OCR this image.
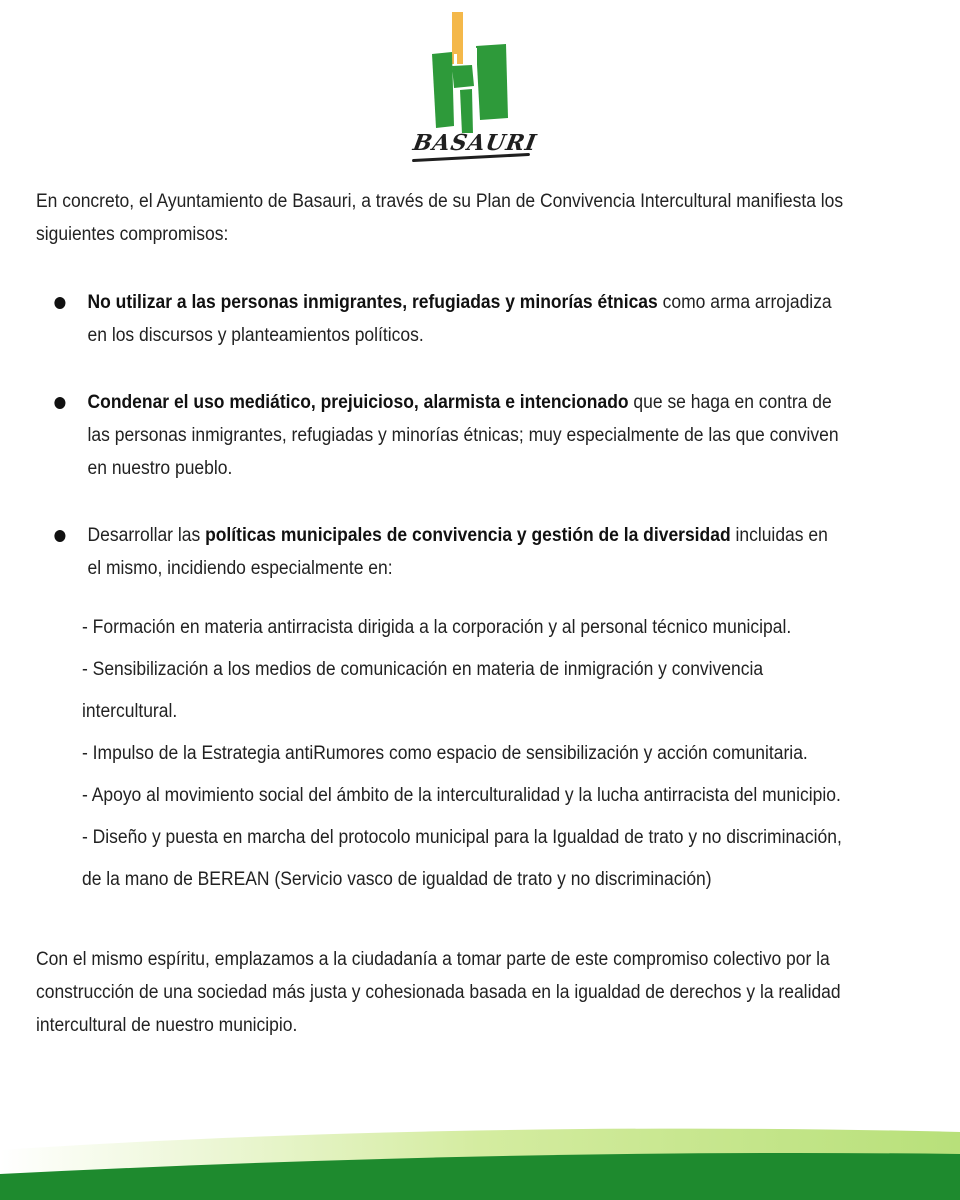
BASAURI

En concreto, el Ayuntamiento de Basauri, a través de su Plan de Convivencia Intercultural manifiesta los siguientes compromisos:

No utilizar a las personas inmigrantes, refugiadas y minorías étnicas como arma arrojadiza en los discursos y planteamientos políticos.
Condenar el uso mediático, prejuicioso, alarmista e intencionado que se haga en contra de las personas inmigrantes, refugiadas y minorías étnicas; muy especialmente de las que conviven en nuestro pueblo.
Desarrollar las políticas municipales de convivencia y gestión de la diversidad incluidas en el mismo, incidiendo especialmente en:
- Formación en materia antirracista dirigida a la corporación y al personal técnico municipal.
- Sensibilización a los medios de comunicación en materia de inmigración y convivencia intercultural.
- Impulso de la Estrategia antiRumores como espacio de sensibilización y acción comunitaria.
- Apoyo al movimiento social del ámbito de la interculturalidad y la lucha antirracista del municipio.
- Diseño y puesta en marcha del protocolo municipal para la Igualdad de trato y no discriminación, de la mano de BEREAN (Servicio vasco de igualdad de trato y no discriminación)

Con el mismo espíritu, emplazamos a la ciudadanía a tomar parte de este compromiso colectivo por la construcción de una sociedad más justa y cohesionada basada en la igualdad de derechos y la realidad intercultural de nuestro municipio.
